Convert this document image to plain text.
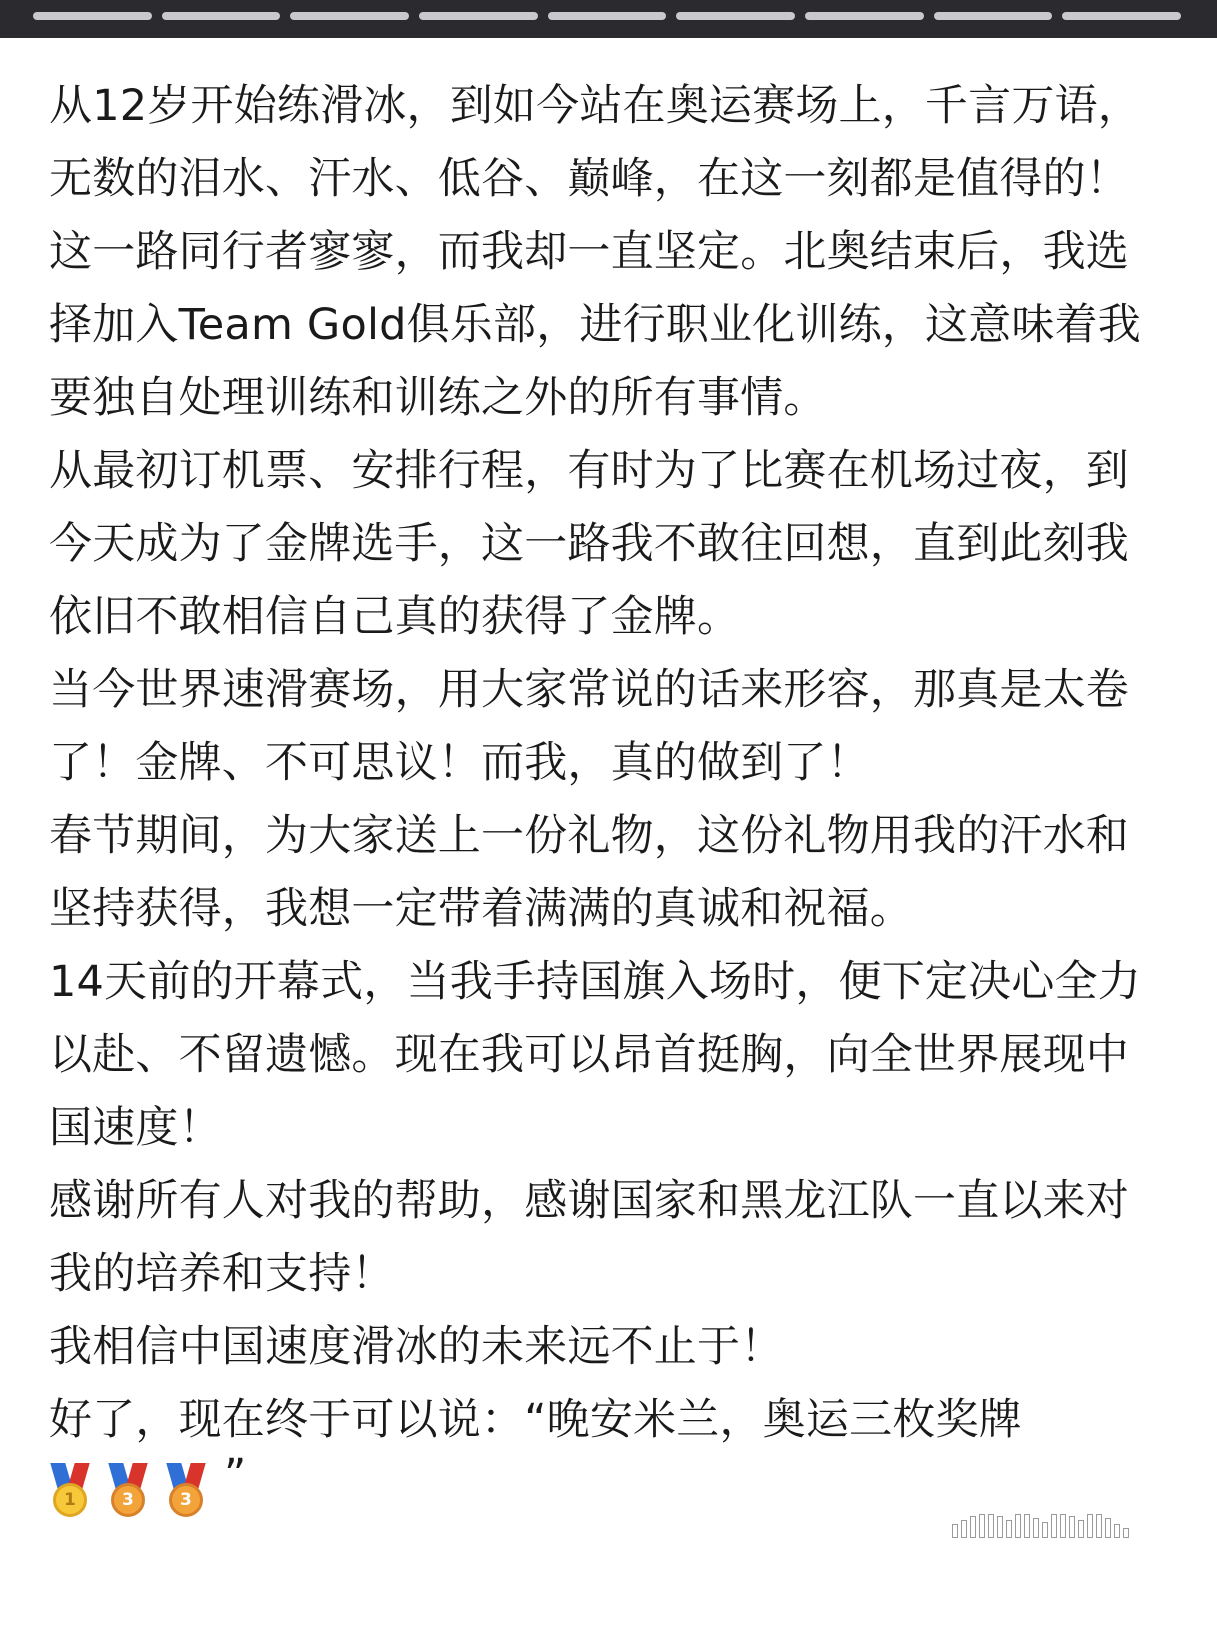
从12岁开始练滑冰，到如今站在奥运赛场上，千言万语，无数的泪水、汗水、低谷、巅峰，在这一刻都是值得的！

这一路同行者寥寥，而我却一直坚定。北奥结束后，我选择加入Team Gold俱乐部，进行职业化训练，这意味着我要独自处理训练和训练之外的所有事情。

从最初订机票、安排行程，有时为了比赛在机场过夜，到今天成为了金牌选手，这一路我不敢往回想，直到此刻我依旧不敢相信自己真的获得了金牌。

当今世界速滑赛场，用大家常说的话来形容，那真是太卷了！金牌、不可思议！而我，真的做到了！

春节期间，为大家送上一份礼物，这份礼物用我的汗水和坚持获得，我想一定带着满满的真诚和祝福。

14天前的开幕式，当我手持国旗入场时，便下定决心全力以赴、不留遗憾。现在我可以昂首挺胸，向全世界展现中国速度！

感谢所有人对我的帮助，感谢国家和黑龙江队一直以来对我的培养和支持！

我相信中国速度滑冰的未来远不止于！

好了，现在终于可以说：“晚安米兰，奥运三枚奖牌

1	3	3 ”
